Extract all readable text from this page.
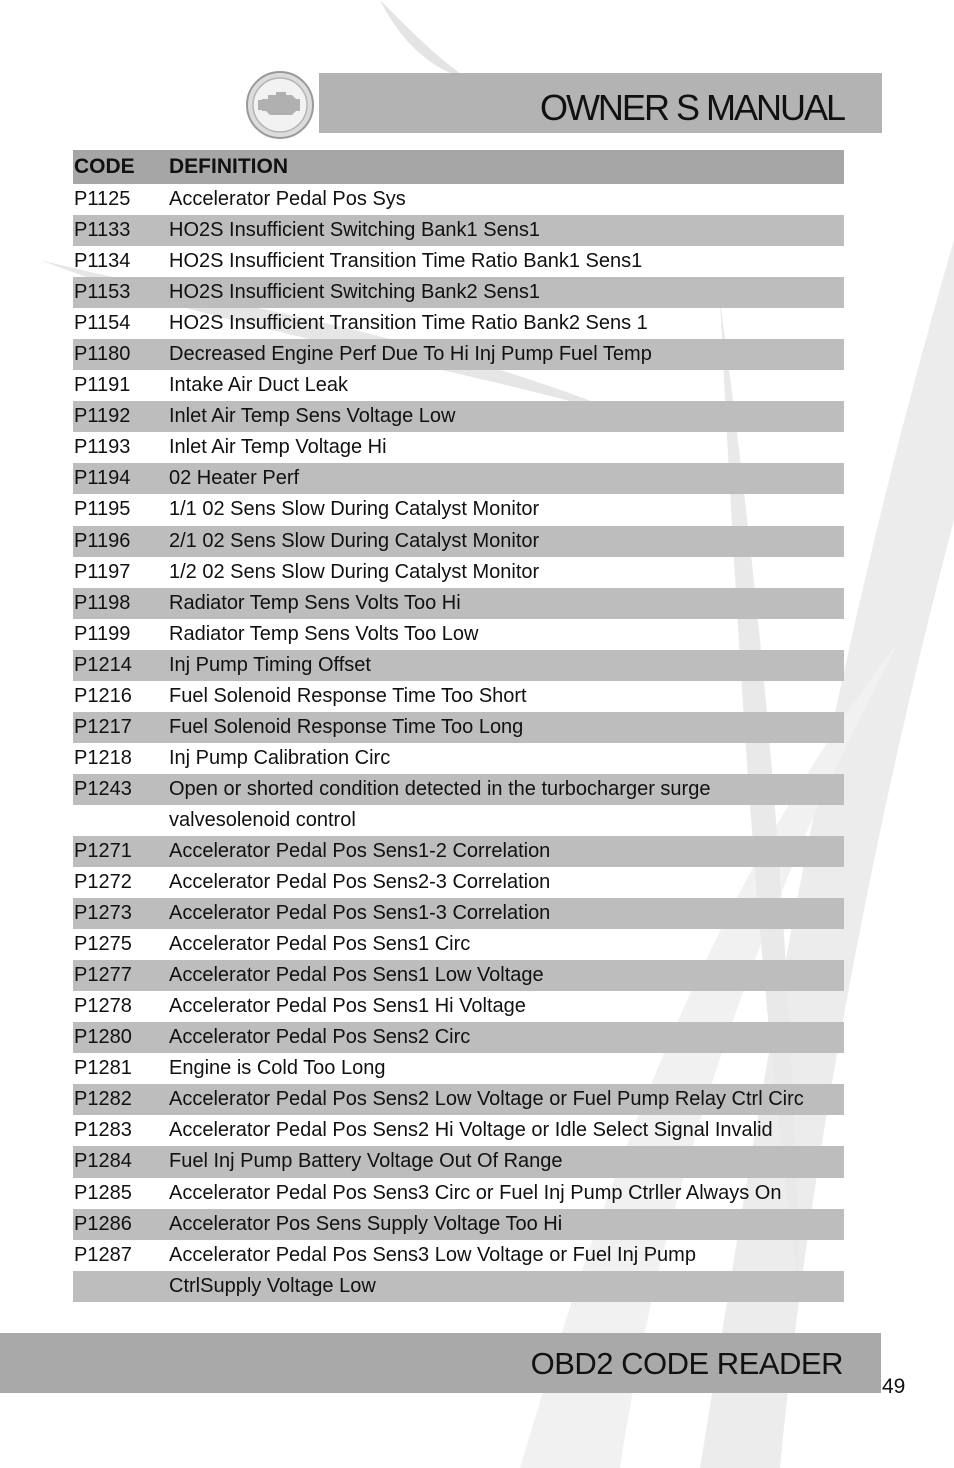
OWNER S MANUAL
CODE	DEFINITION
P1125	Accelerator Pedal Pos Sys
P1133	HO2S Insufficient Switching Bank1 Sens1
P1134	HO2S Insufficient Transition Time Ratio Bank1 Sens1
P1153	HO2S Insufficient Switching Bank2 Sens1
P1154	HO2S Insufficient Transition Time Ratio Bank2 Sens 1
P1180	Decreased Engine Perf Due To Hi Inj Pump Fuel Temp
P1191	Intake Air Duct Leak
P1192	Inlet Air Temp Sens Voltage Low
P1193	Inlet Air Temp Voltage Hi
P1194	02 Heater Perf
P1195	1/1 02 Sens Slow During Catalyst Monitor
P1196	2/1 02 Sens Slow During Catalyst Monitor
P1197	1/2 02 Sens Slow During Catalyst Monitor
P1198	Radiator Temp Sens Volts Too Hi
P1199	Radiator Temp Sens Volts Too Low
P1214	Inj Pump Timing Offset
P1216	Fuel Solenoid Response Time Too Short
P1217	Fuel Solenoid Response Time Too Long
P1218	Inj Pump Calibration Circ
P1243	Open or shorted condition detected in the turbocharger surge
valvesolenoid control
P1271	Accelerator Pedal Pos Sens1-2 Correlation
P1272	Accelerator Pedal Pos Sens2-3 Correlation
P1273	Accelerator Pedal Pos Sens1-3 Correlation
P1275	Accelerator Pedal Pos Sens1 Circ
P1277	Accelerator Pedal Pos Sens1 Low Voltage
P1278	Accelerator Pedal Pos Sens1 Hi Voltage
P1280	Accelerator Pedal Pos Sens2 Circ
P1281	Engine is Cold Too Long
P1282	Accelerator Pedal Pos Sens2 Low Voltage or Fuel Pump Relay Ctrl Circ
P1283	Accelerator Pedal Pos Sens2 Hi Voltage or Idle Select Signal Invalid
P1284	Fuel Inj Pump Battery Voltage Out Of Range
P1285	Accelerator Pedal Pos Sens3 Circ or Fuel Inj Pump Ctrller Always On
P1286	Accelerator Pos Sens Supply Voltage Too Hi
P1287	Accelerator Pedal Pos Sens3 Low Voltage or Fuel Inj Pump
CtrlSupply Voltage Low
OBD2 CODE READER
49
